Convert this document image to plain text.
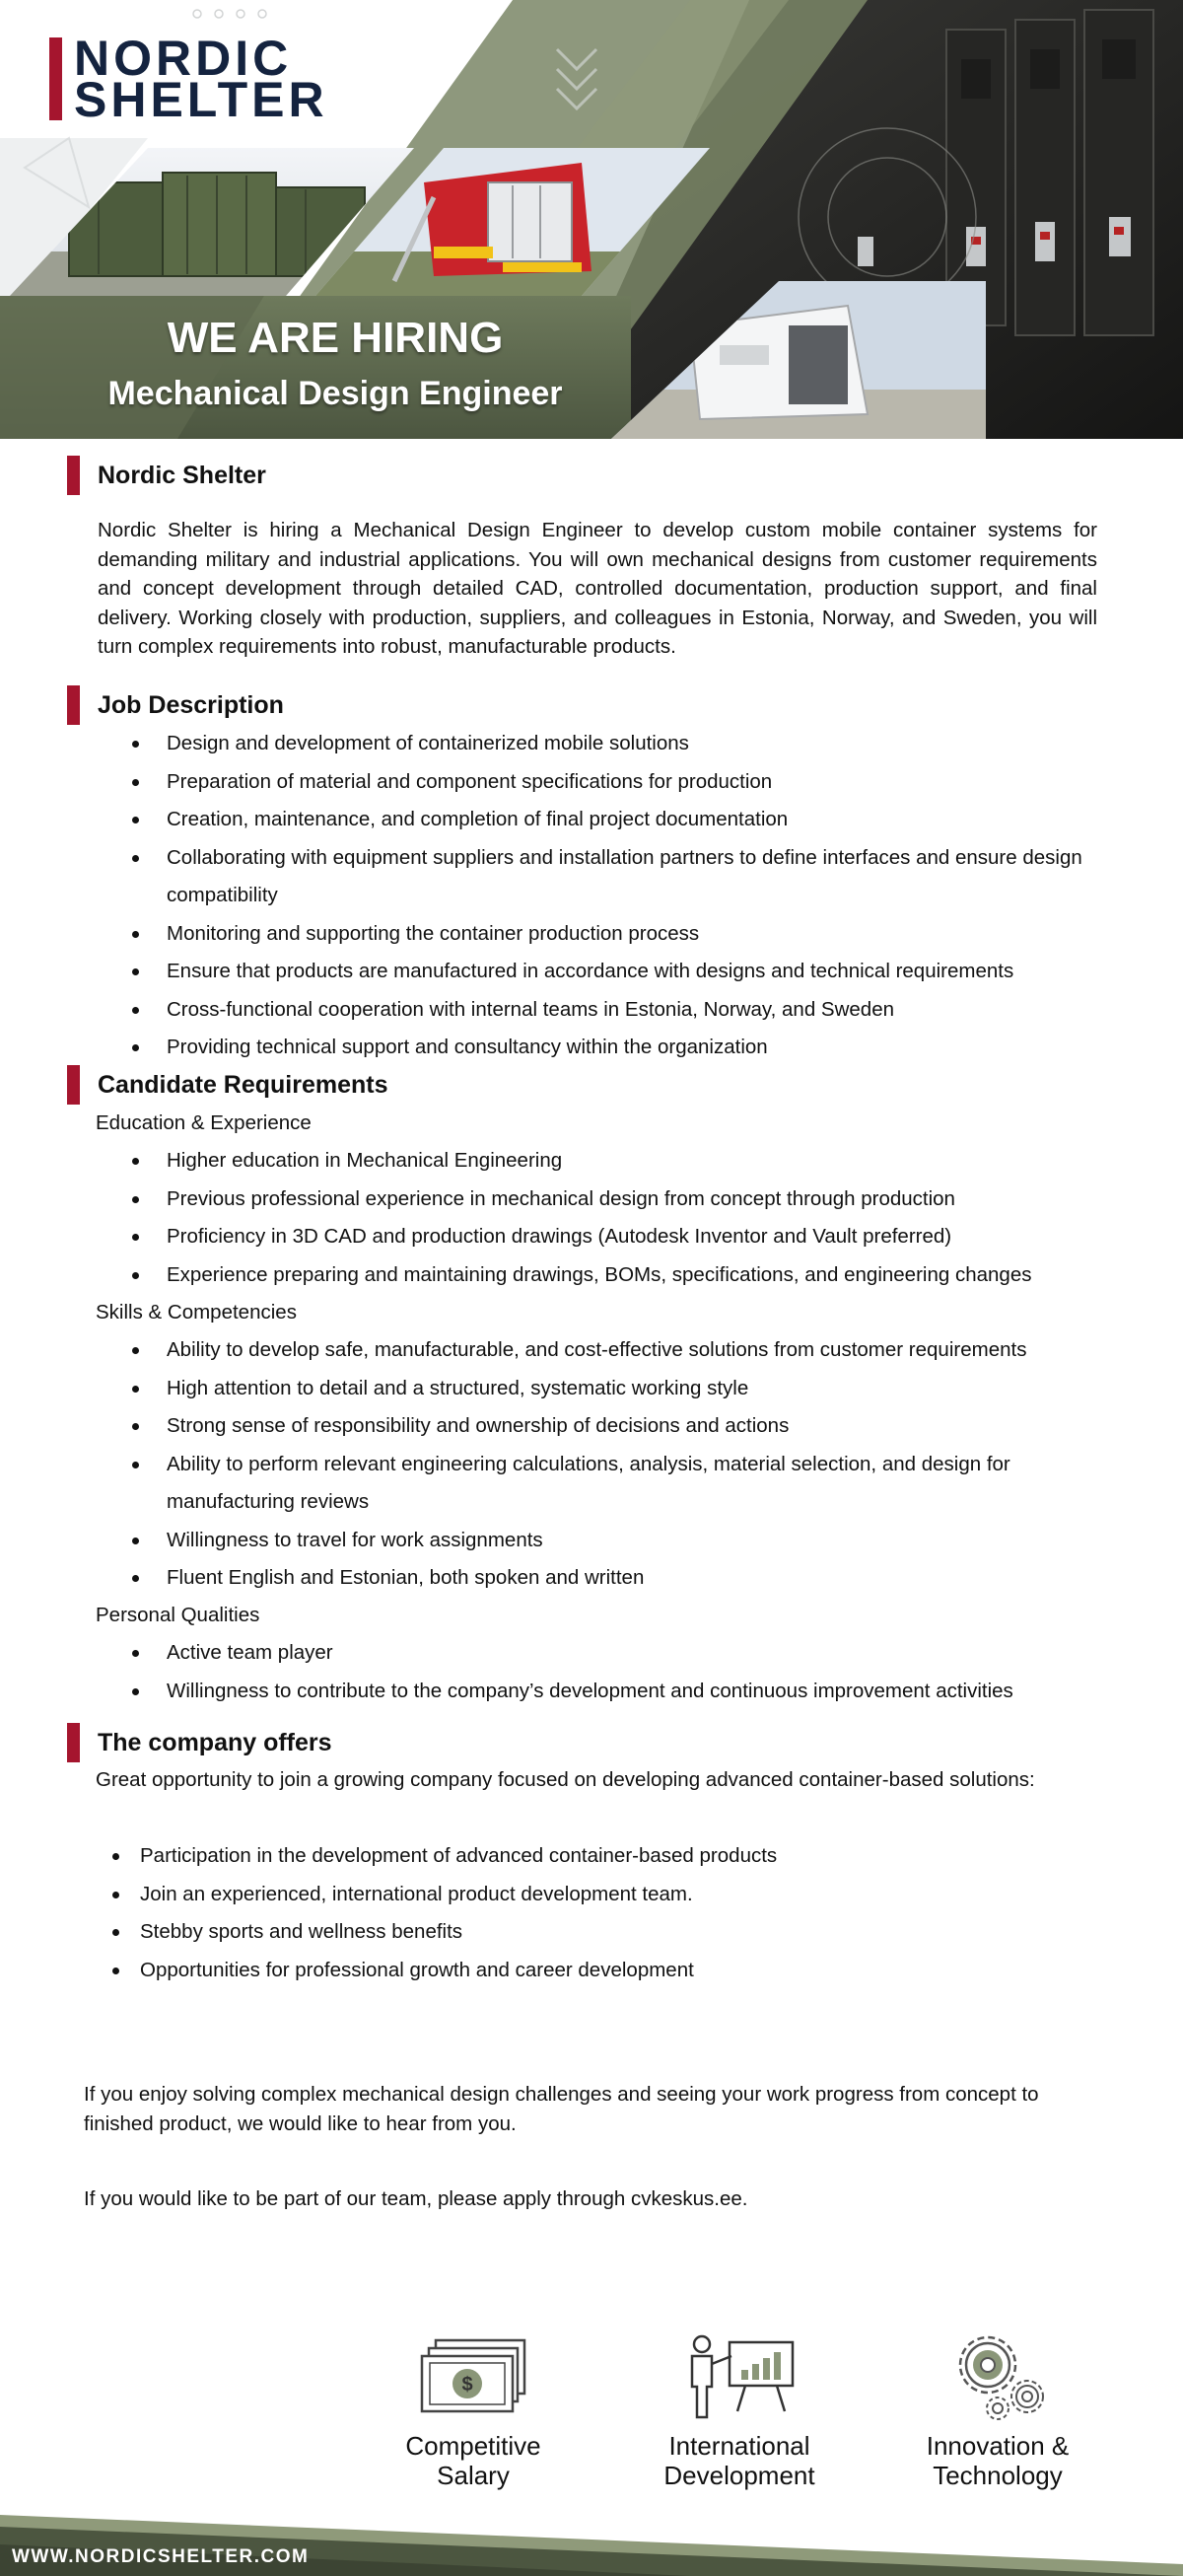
NORDIC
SHELTER
WE ARE HIRING
Mechanical Design Engineer
Nordic Shelter

Nordic Shelter is hiring a Mechanical Design Engineer to develop custom mobile container systems for demanding military and industrial applications. You will own mechanical designs from customer requirements and concept development through detailed CAD, controlled documentation, production support, and final delivery. Working closely with production, suppliers, and colleagues in Estonia, Norway, and Sweden, you will turn complex requirements into robust, manufacturable products.

Job Description
Design and development of containerized mobile solutions
Preparation of material and component specifications for production
Creation, maintenance, and completion of final project documentation
Collaborating with equipment suppliers and installation partners to define interfaces and ensure design compatibility
Monitoring and supporting the container production process
Ensure that products are manufactured in accordance with designs and technical requirements
Cross-functional cooperation with internal teams in Estonia, Norway, and Sweden
Providing technical support and consultancy within the organization
Candidate Requirements
Education & Experience
Higher education in Mechanical Engineering
Previous professional experience in mechanical design from concept through production
Proficiency in 3D CAD and production drawings (Autodesk Inventor and Vault preferred)
Experience preparing and maintaining drawings, BOMs, specifications, and engineering changes
Skills & Competencies
Ability to develop safe, manufacturable, and cost-effective solutions from customer requirements
High attention to detail and a structured, systematic working style
Strong sense of responsibility and ownership of decisions and actions
Ability to perform relevant engineering calculations, analysis, material selection, and design for manufacturing reviews
Willingness to travel for work assignments
Fluent English and Estonian, both spoken and written
Personal Qualities
Active team player
Willingness to contribute to the company’s development and continuous improvement activities
The company offers

Great opportunity to join a growing company focused on developing advanced container-based solutions:

Participation in the development of advanced container-based products
Join an experienced, international product development team.
Stebby sports and wellness benefits
Opportunities for professional growth and career development

If you enjoy solving complex mechanical design challenges and seeing your work progress from concept to finished product, we would like to hear from you.

If you would like to be part of our team, please apply through cvkeskus.ee.

$
Competitive
Salary
International
Development
Innovation &
Technology
WWW.NORDICSHELTER.COM
